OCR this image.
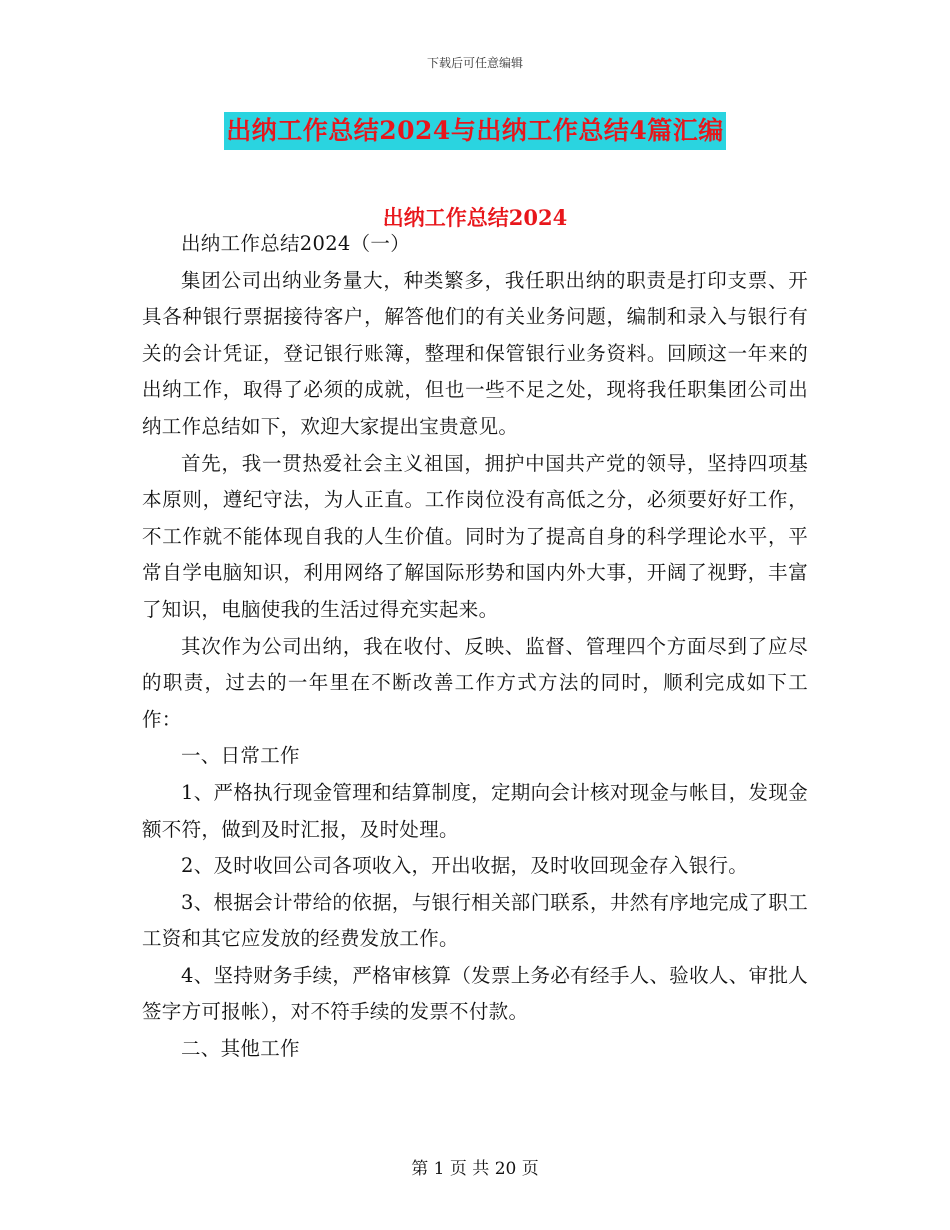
下载后可任意编辑
出纳工作总结2024与出纳工作总结4篇汇编
出纳工作总结2024

出纳工作总结2024（一）

集团公司出纳业务量大，种类繁多，我任职出纳的职责是打印支票、开具各种银行票据接待客户，解答他们的有关业务问题，编制和录入与银行有关的会计凭证，登记银行账簿，整理和保管银行业务资料。回顾这一年来的出纳工作，取得了必须的成就，但也一些不足之处，现将我任职集团公司出纳工作总结如下，欢迎大家提出宝贵意见。

首先，我一贯热爱社会主义祖国，拥护中国共产党的领导，坚持四项基本原则，遵纪守法，为人正直。工作岗位没有高低之分，必须要好好工作，不工作就不能体现自我的人生价值。同时为了提高自身的科学理论水平，平常自学电脑知识，利用网络了解国际形势和国内外大事，开阔了视野，丰富了知识，电脑使我的生活过得充实起来。

其次作为公司出纳，我在收付、反映、监督、管理四个方面尽到了应尽的职责，过去的一年里在不断改善工作方式方法的同时，顺利完成如下工作：

一、日常工作

1、严格执行现金管理和结算制度，定期向会计核对现金与帐目，发现金额不符，做到及时汇报，及时处理。

2、及时收回公司各项收入，开出收据，及时收回现金存入银行。

3、根据会计带给的依据，与银行相关部门联系，井然有序地完成了职工工资和其它应发放的经费发放工作。

4、坚持财务手续，严格审核算（发票上务必有经手人、验收人、审批人签字方可报帐），对不符手续的发票不付款。

二、其他工作

第 1 页 共 20 页
